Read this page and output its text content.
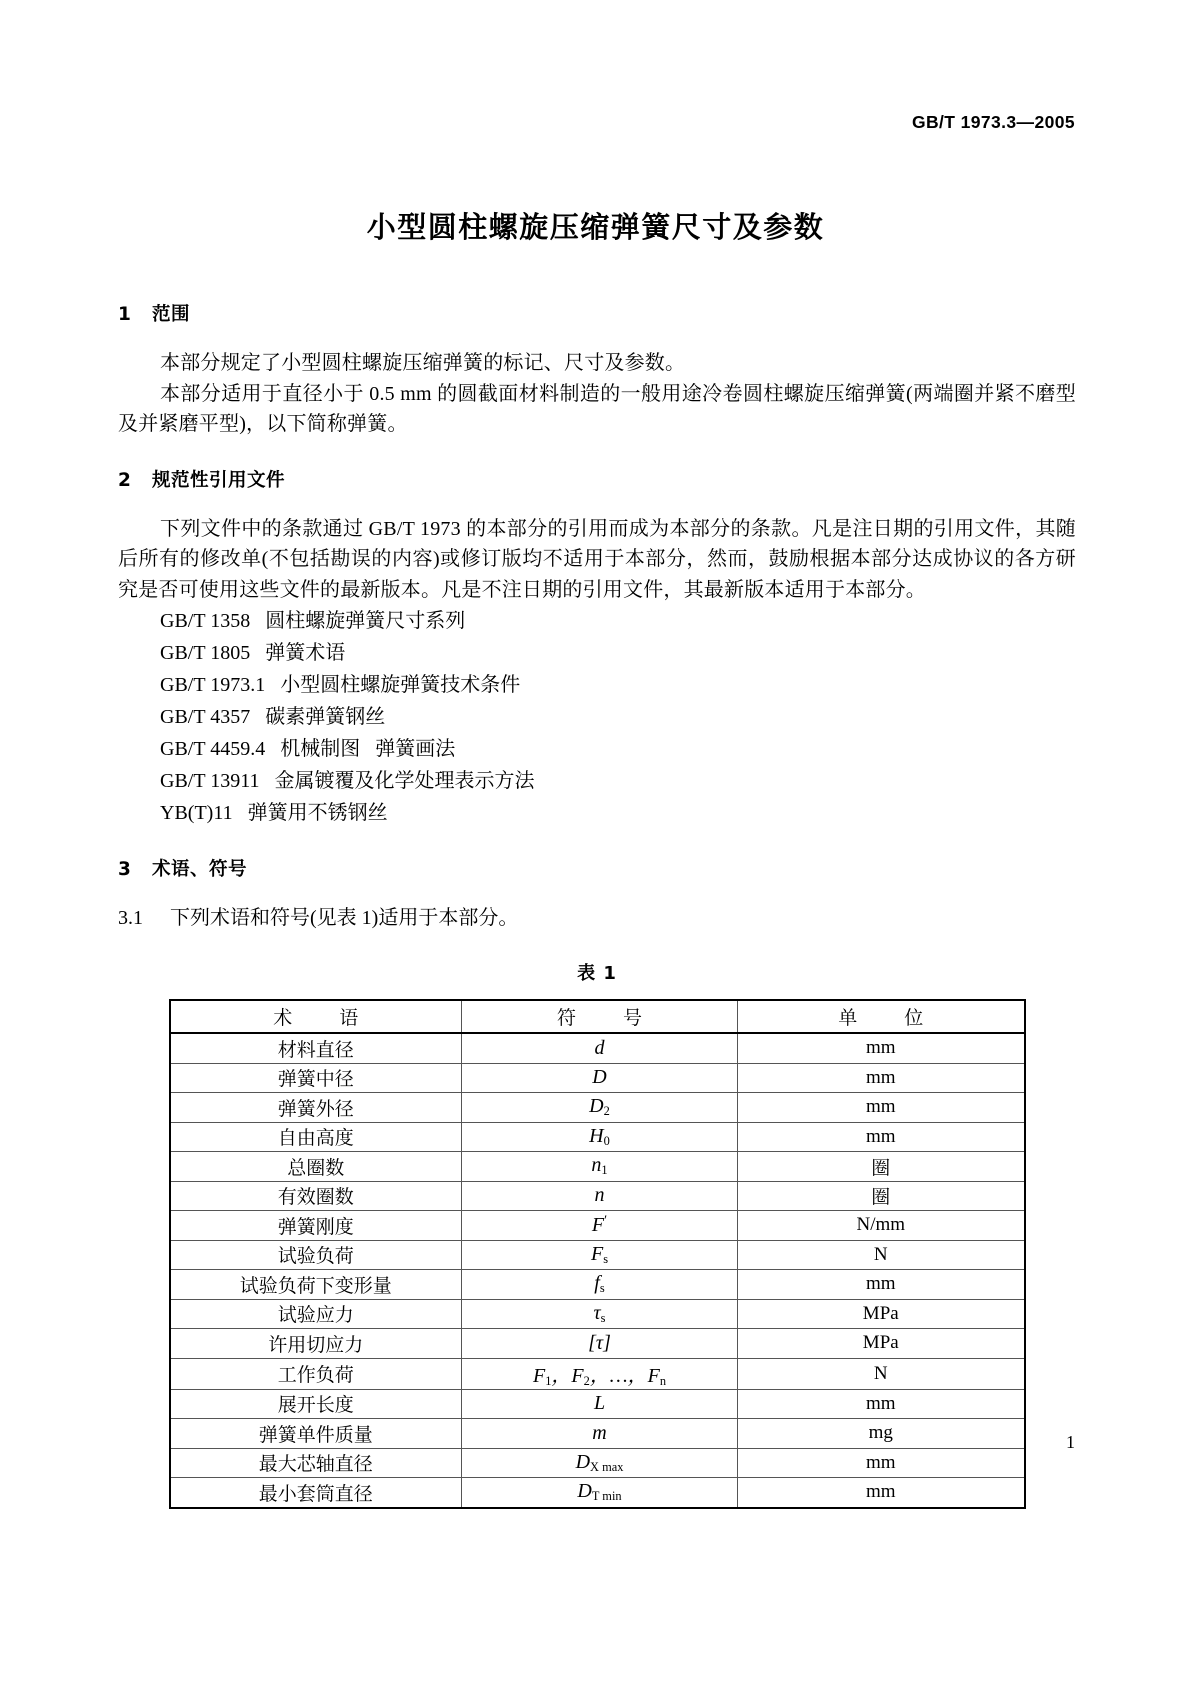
GB/T 1973.3—2005
小型圆柱螺旋压缩弹簧尺寸及参数
1 范围

本部分规定了小型圆柱螺旋压缩弹簧的标记、尺寸及参数。

本部分适用于直径小于 0.5 mm 的圆截面材料制造的一般用途冷卷圆柱螺旋压缩弹簧(两端圈并紧不磨型及并紧磨平型)，以下简称弹簧。

2 规范性引用文件

下列文件中的条款通过 GB/T 1973 的本部分的引用而成为本部分的条款。凡是注日期的引用文件，其随后所有的修改单(不包括勘误的内容)或修订版均不适用于本部分，然而，鼓励根据本部分达成协议的各方研究是否可使用这些文件的最新版本。凡是不注日期的引用文件，其最新版本适用于本部分。

GB/T 1358   圆柱螺旋弹簧尺寸系列
GB/T 1805   弹簧术语
GB/T 1973.1   小型圆柱螺旋弹簧技术条件
GB/T 4357   碳素弹簧钢丝
GB/T 4459.4   机械制图   弹簧画法
GB/T 13911   金属镀覆及化学处理表示方法
YB(T)11   弹簧用不锈钢丝
3 术语、符号
3.1 下列术语和符号(见表 1)适用于本部分。
表 1
术　语	符　号	单　位
材料直径	d	mm
弹簧中径	D	mm
弹簧外径	$D_2$	mm
自由高度	$H_0$	mm
总圈数	$n_1$	圈
有效圈数	n	圈
弹簧刚度	F′	N/mm
试验负荷	$F_s$	N
试验负荷下变形量	$f_s$	mm
试验应力	$\tau_s$	MPa
许用切应力	[τ]	MPa
工作负荷	$F_1$，$F_2$，…，$F_n$	N
展开长度	L	mm
弹簧单件质量	m	mg
最大芯轴直径	$D_{X max}$	mm
最小套筒直径	$D_{T min}$	mm
1
